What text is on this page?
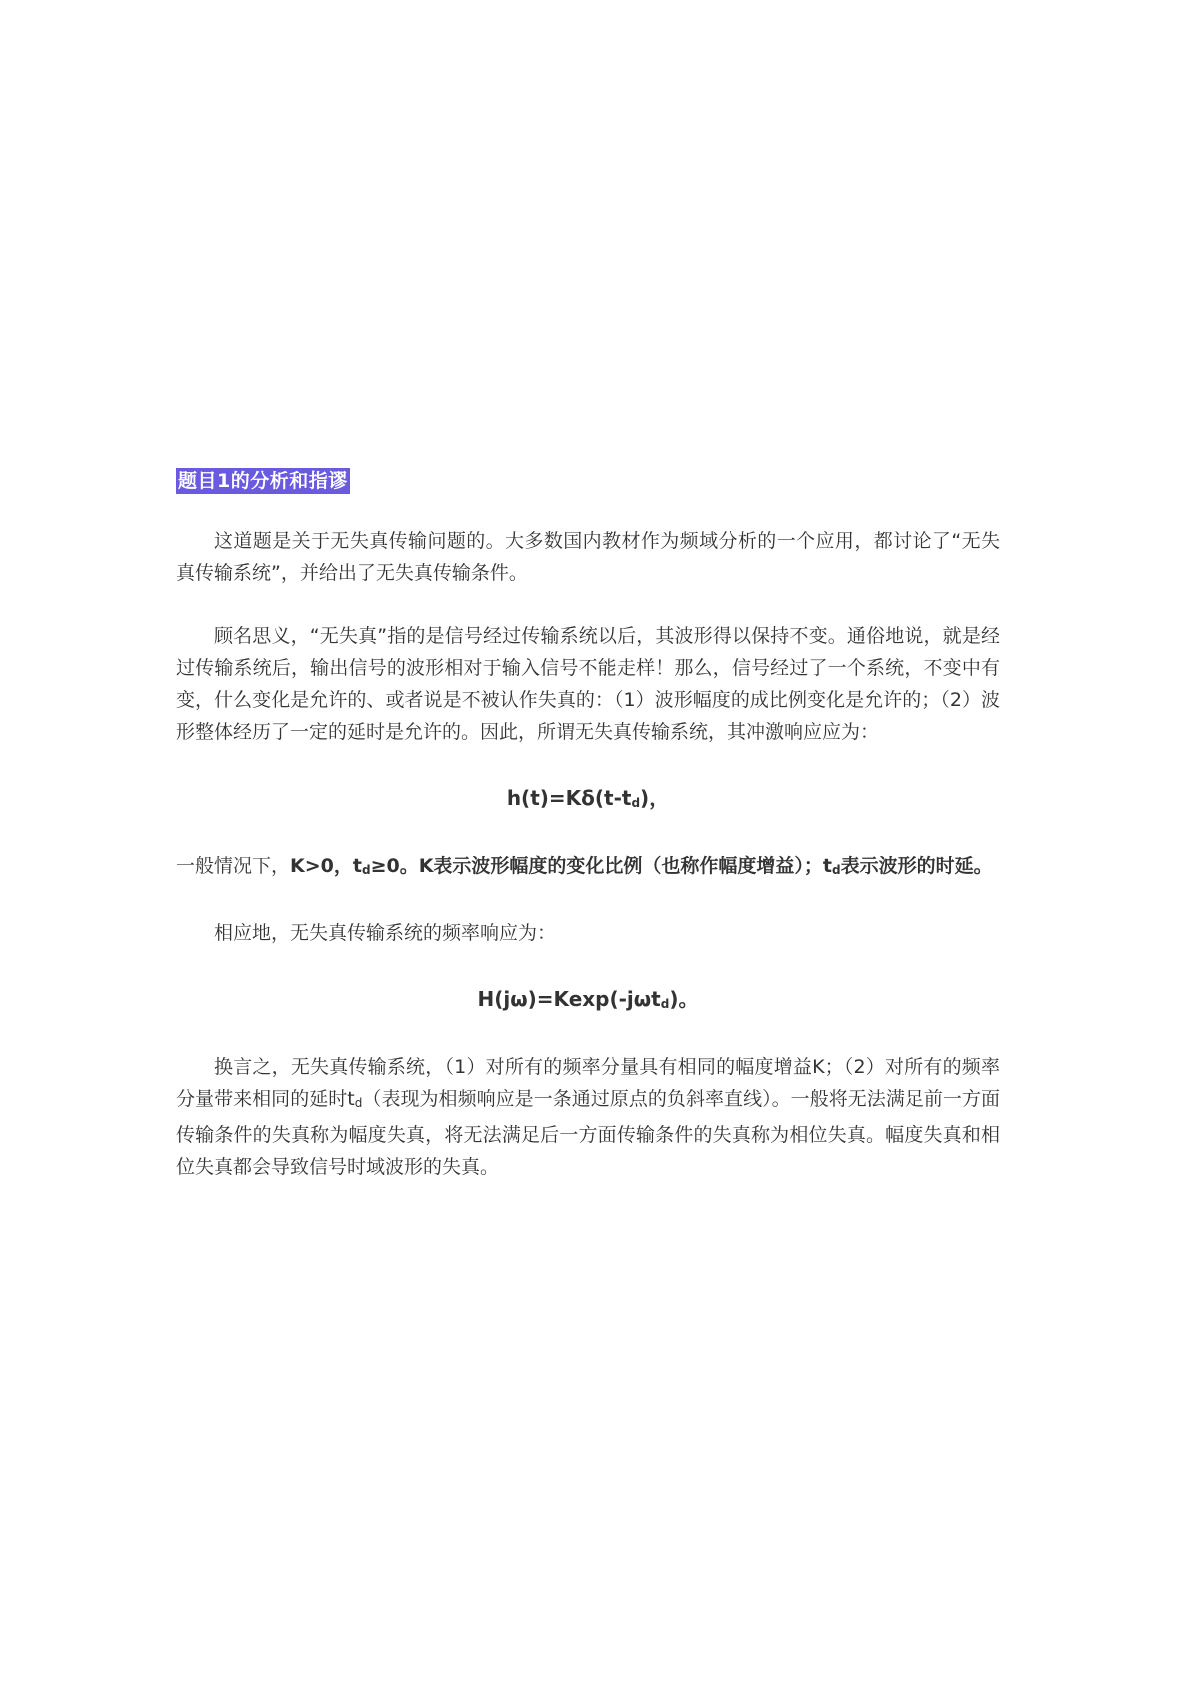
题目1的分析和指谬

这道题是关于无失真传输问题的。大多数国内教材作为频域分析的一个应用，都讨论了“无失真传输系统”，并给出了无失真传输条件。

顾名思义，“无失真”指的是信号经过传输系统以后，其波形得以保持不变。通俗地说，就是经过传输系统后，输出信号的波形相对于输入信号不能走样！那么，信号经过了一个系统，不变中有变，什么变化是允许的、或者说是不被认作失真的：（1）波形幅度的成比例变化是允许的；（2）波形整体经历了一定的延时是允许的。因此，所谓无失真传输系统，其冲激响应应为：

$h(t)=K\delta(t-t_d)$，

一般情况下，K>0，$t_d\ge 0$。K表示波形幅度的变化比例（也称作幅度增益）；$t_d$表示波形的时延。

相应地，无失真传输系统的频率响应为：

H(jω)=Kexp(-jωt$_d$)。

换言之，无失真传输系统，（1）对所有的频率分量具有相同的幅度增益K；（2）对所有的频率分量带来相同的延时$t_d$（表现为相频响应是一条通过原点的负斜率直线）。一般将无法满足前一方面传输条件的失真称为幅度失真，将无法满足后一方面传输条件的失真称为相位失真。幅度失真和相位失真都会导致信号时域波形的失真。
